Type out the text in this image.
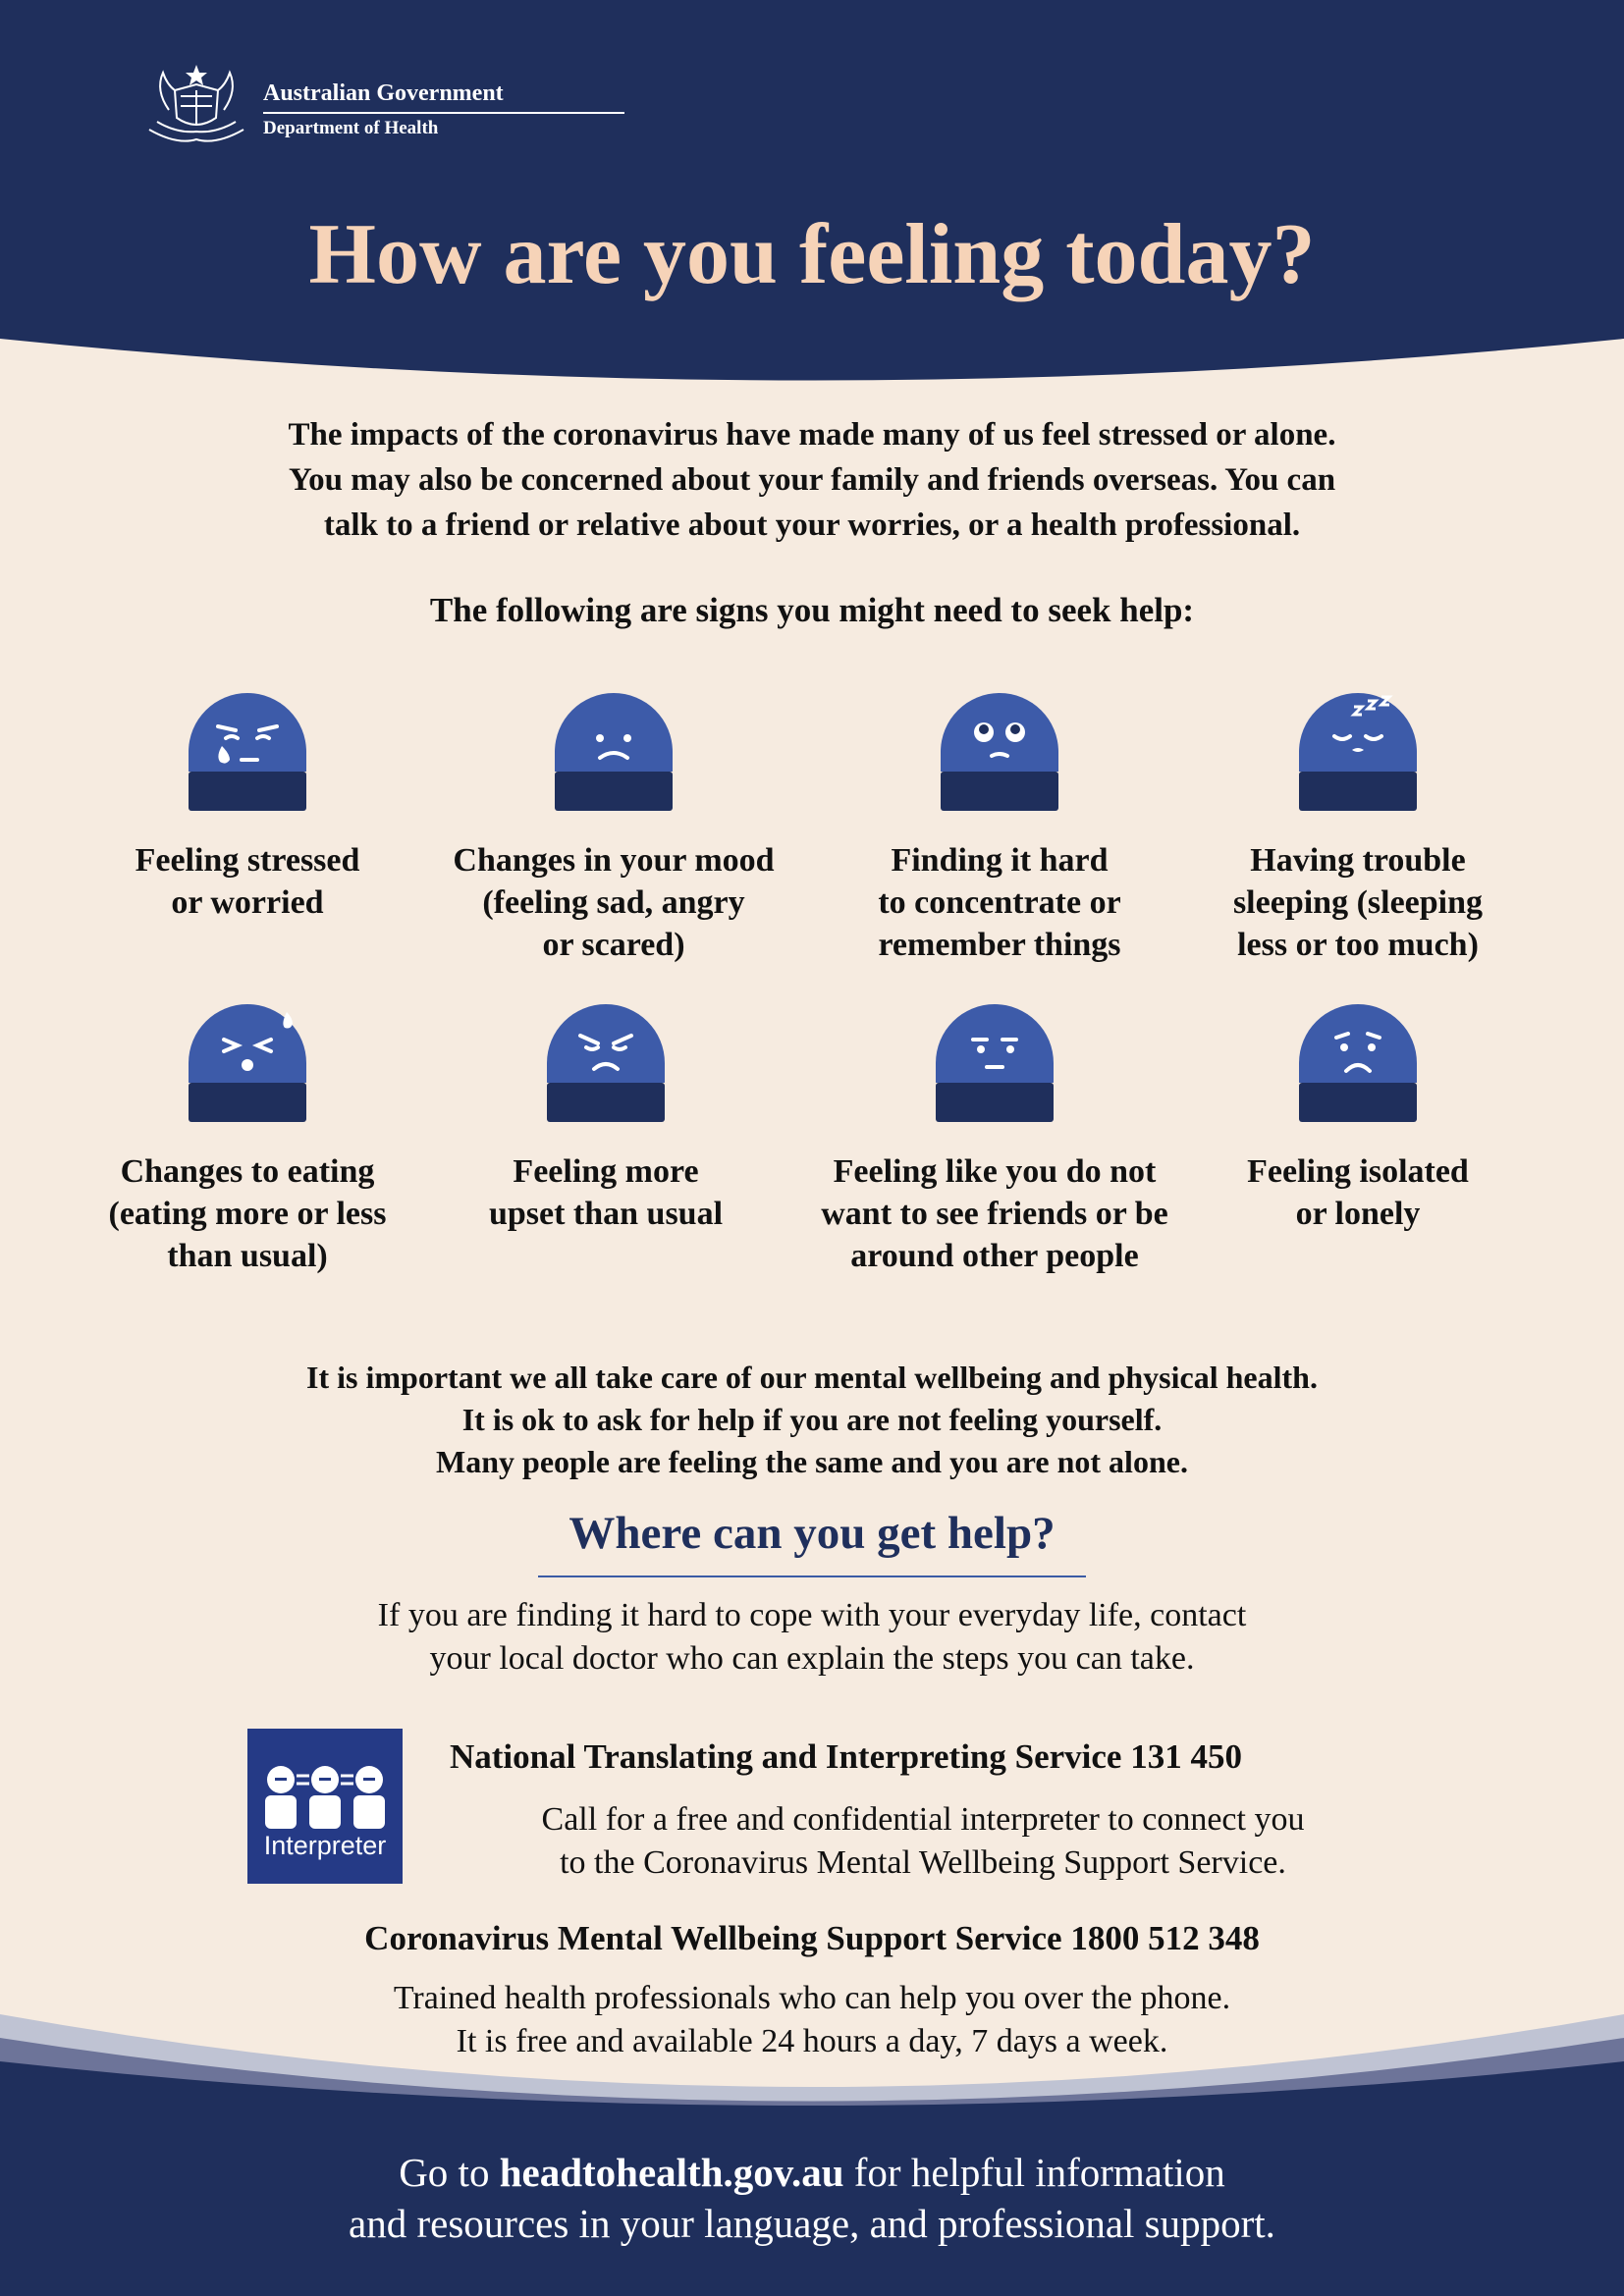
Australian Government
Department of Health
How are you feeling today?

The impacts of the coronavirus have made many of us feel stressed or alone.

You may also be concerned about your family and friends overseas. You can

talk to a friend or relative about your worries, or a health professional.

The following are signs you might need to seek help:
Feeling stressed
or worried
Changes in your mood
(feeling sad, angry
or scared)
Finding it hard
to concentrate or
remember things
Having trouble
sleeping (sleeping
less or too much)
Changes to eating
(eating more or less
than usual)
Feeling more
upset than usual
Feeling like you do not
want to see friends or be
around other people
Feeling isolated
or lonely
It is important we all take care of our mental wellbeing and physical health.
It is ok to ask for help if you are not feeling yourself.
Many people are feeling the same and you are not alone.
Where can you get help?
If you are finding it hard to cope with your everyday life, contact
your local doctor who can explain the steps you can take.
Interpreter
National Translating and Interpreting Service 131 450
Call for a free and confidential interpreter to connect you
to the Coronavirus Mental Wellbeing Support Service.
Coronavirus Mental Wellbeing Support Service 1800 512 348
Trained health professionals who can help you over the phone.
It is free and available 24 hours a day, 7 days a week.
Go to headtohealth.gov.au for helpful information
and resources in your language, and professional support.
